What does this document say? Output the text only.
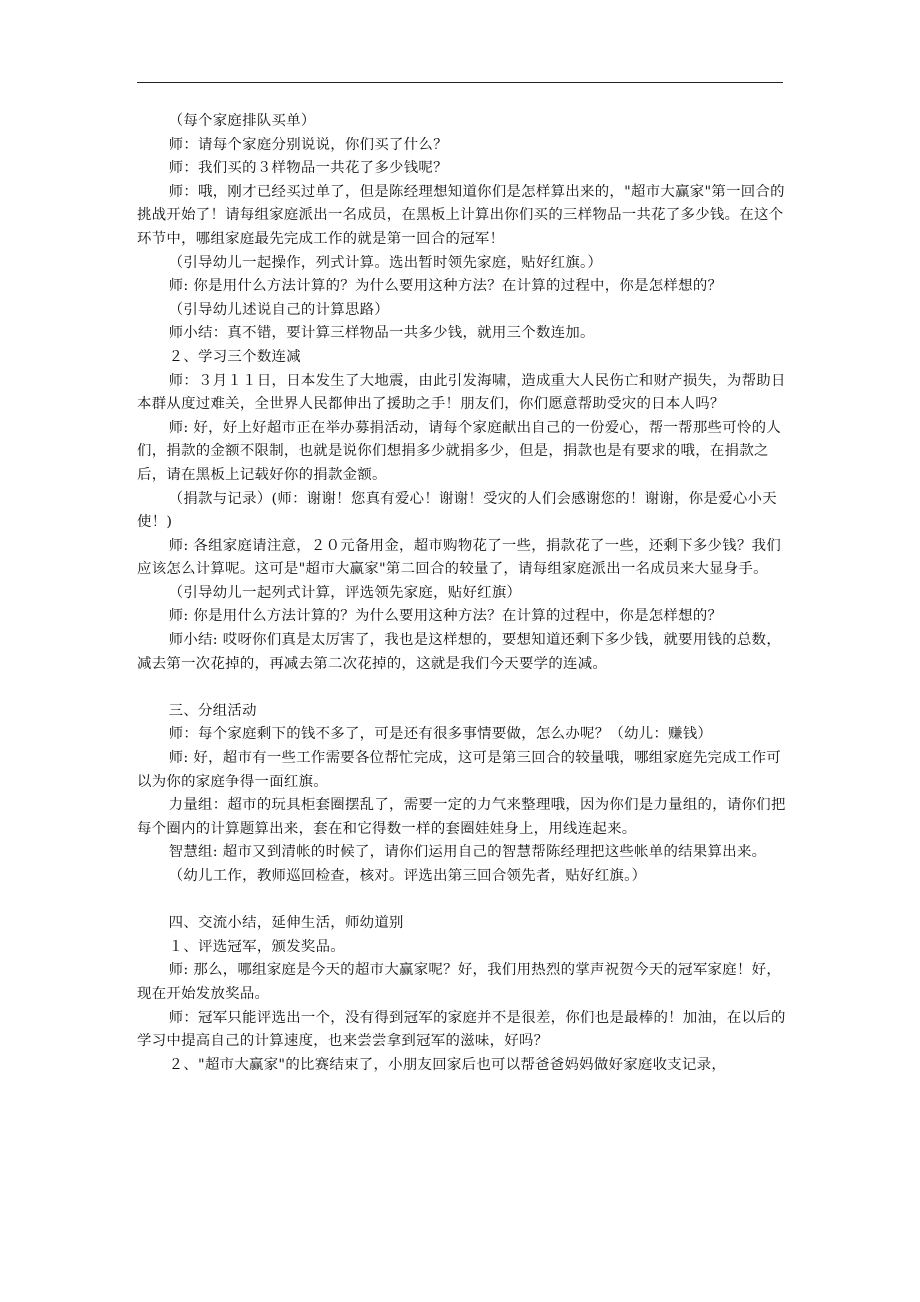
（每个家庭排队买单）

师：请每个家庭分别说说，你们买了什么？

师：我们买的３样物品一共花了多少钱呢？

师：哦，刚才已经买过单了，但是陈经理想知道你们是怎样算出来的，"超市大赢家"第一回合的挑战开始了！请每组家庭派出一名成员，在黑板上计算出你们买的三样物品一共花了多少钱。在这个环节中，哪组家庭最先完成工作的就是第一回合的冠军！

（引导幼儿一起操作，列式计算。选出暂时领先家庭，贴好红旗。）

师: 你是用什么方法计算的？为什么要用这种方法？在计算的过程中，你是怎样想的？

（引导幼儿述说自己的计算思路）

师小结：真不错，要计算三样物品一共多少钱，就用三个数连加。

２、学习三个数连减

师：３月１１日，日本发生了大地震，由此引发海啸，造成重大人民伤亡和财产损失，为帮助日本群从度过难关，全世界人民都伸出了援助之手！朋友们，你们愿意帮助受灾的日本人吗？

师: 好，好上好超市正在举办募捐活动，请每个家庭献出自己的一份爱心，帮一帮那些可怜的人们，捐款的金额不限制，也就是说你们想捐多少就捐多少，但是，捐款也是有要求的哦，在捐款之后，请在黑板上记载好你的捐款金额。

（捐款与记录）(师：谢谢！您真有爱心！谢谢！受灾的人们会感谢您的！谢谢，你是爱心小天使！)

师: 各组家庭请注意，２０元备用金，超市购物花了一些，捐款花了一些，还剩下多少钱？我们应该怎么计算呢。这可是"超市大赢家"第二回合的较量了，请每组家庭派出一名成员来大显身手。

（引导幼儿一起列式计算，评选领先家庭，贴好红旗）

师: 你是用什么方法计算的？为什么要用这种方法？在计算的过程中，你是怎样想的？

师小结: 哎呀你们真是太厉害了，我也是这样想的，要想知道还剩下多少钱，就要用钱的总数，减去第一次花掉的，再减去第二次花掉的，这就是我们今天要学的连减。

三、分组活动

师：每个家庭剩下的钱不多了，可是还有很多事情要做，怎么办呢？（幼儿：赚钱）

师: 好，超市有一些工作需要各位帮忙完成，这可是第三回合的较量哦，哪组家庭先完成工作可以为你的家庭争得一面红旗。

力量组：超市的玩具柜套圈摆乱了，需要一定的力气来整理哦，因为你们是力量组的，请你们把每个圈内的计算题算出来，套在和它得数一样的套圈娃娃身上，用线连起来。

智慧组: 超市又到清帐的时候了，请你们运用自己的智慧帮陈经理把这些帐单的结果算出来。

（幼儿工作，教师巡回检查，核对。评选出第三回合领先者，贴好红旗。）

四、交流小结，延伸生活，师幼道别

１、评选冠军，颁发奖品。

师: 那么，哪组家庭是今天的超市大赢家呢？好，我们用热烈的掌声祝贺今天的冠军家庭！好，现在开始发放奖品。

师：冠军只能评选出一个，没有得到冠军的家庭并不是很差，你们也是最棒的！加油，在以后的学习中提高自己的计算速度，也来尝尝拿到冠军的滋味，好吗？

２、"超市大赢家"的比赛结束了，小朋友回家后也可以帮爸爸妈妈做好家庭收支记录，
